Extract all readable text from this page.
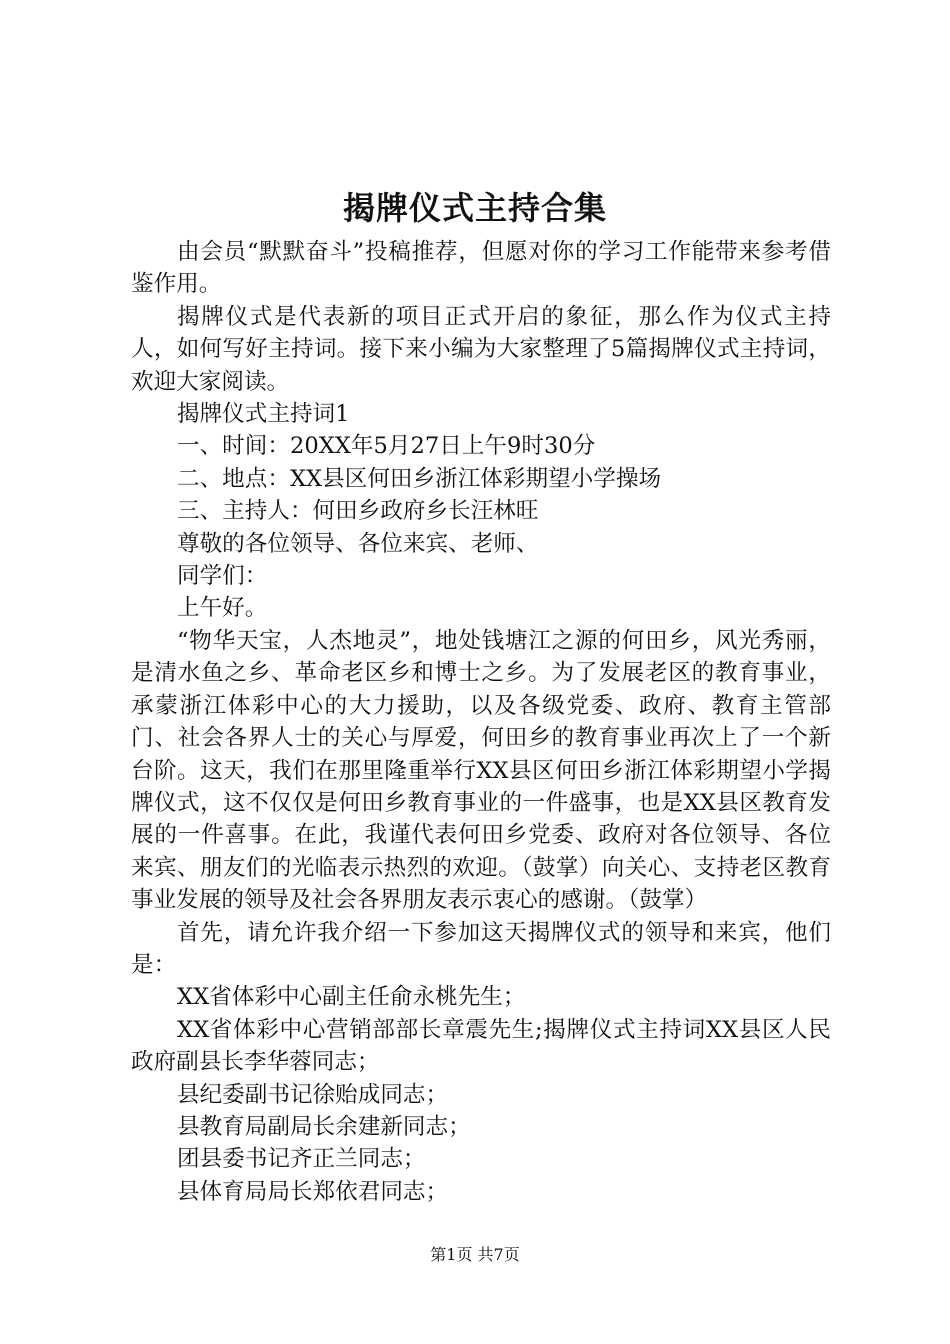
揭牌仪式主持合集

由会员“默默奋斗”投稿推荐，但愿对你的学习工作能带来参考借鉴作用。

揭牌仪式是代表新的项目正式开启的象征，那么作为仪式主持人，如何写好主持词。接下来小编为大家整理了5篇揭牌仪式主持词，欢迎大家阅读。

揭牌仪式主持词1

一、时间：20XX年5月27日上午9时30分

二、地点：XX县区何田乡浙江体彩期望小学操场

三、主持人：何田乡政府乡长汪林旺

尊敬的各位领导、各位来宾、老师、

同学们：

上午好。

“物华天宝，人杰地灵”，地处钱塘江之源的何田乡，风光秀丽，是清水鱼之乡、革命老区乡和博士之乡。为了发展老区的教育事业，承蒙浙江体彩中心的大力援助，以及各级党委、政府、教育主管部门、社会各界人士的关心与厚爱，何田乡的教育事业再次上了一个新台阶。这天，我们在那里隆重举行XX县区何田乡浙江体彩期望小学揭牌仪式，这不仅仅是何田乡教育事业的一件盛事，也是XX县区教育发展的一件喜事。在此，我谨代表何田乡党委、政府对各位领导、各位来宾、朋友们的光临表示热烈的欢迎。（鼓掌）向关心、支持老区教育事业发展的领导及社会各界朋友表示衷心的感谢。（鼓掌）

首先，请允许我介绍一下参加这天揭牌仪式的领导和来宾，他们是：

XX省体彩中心副主任俞永桃先生；

XX省体彩中心营销部部长章震先生;揭牌仪式主持词XX县区人民政府副县长李华蓉同志；

县纪委副书记徐贻成同志；

县教育局副局长余建新同志；

团县委书记齐正兰同志；

县体育局局长郑依君同志；

第1页 共7页
